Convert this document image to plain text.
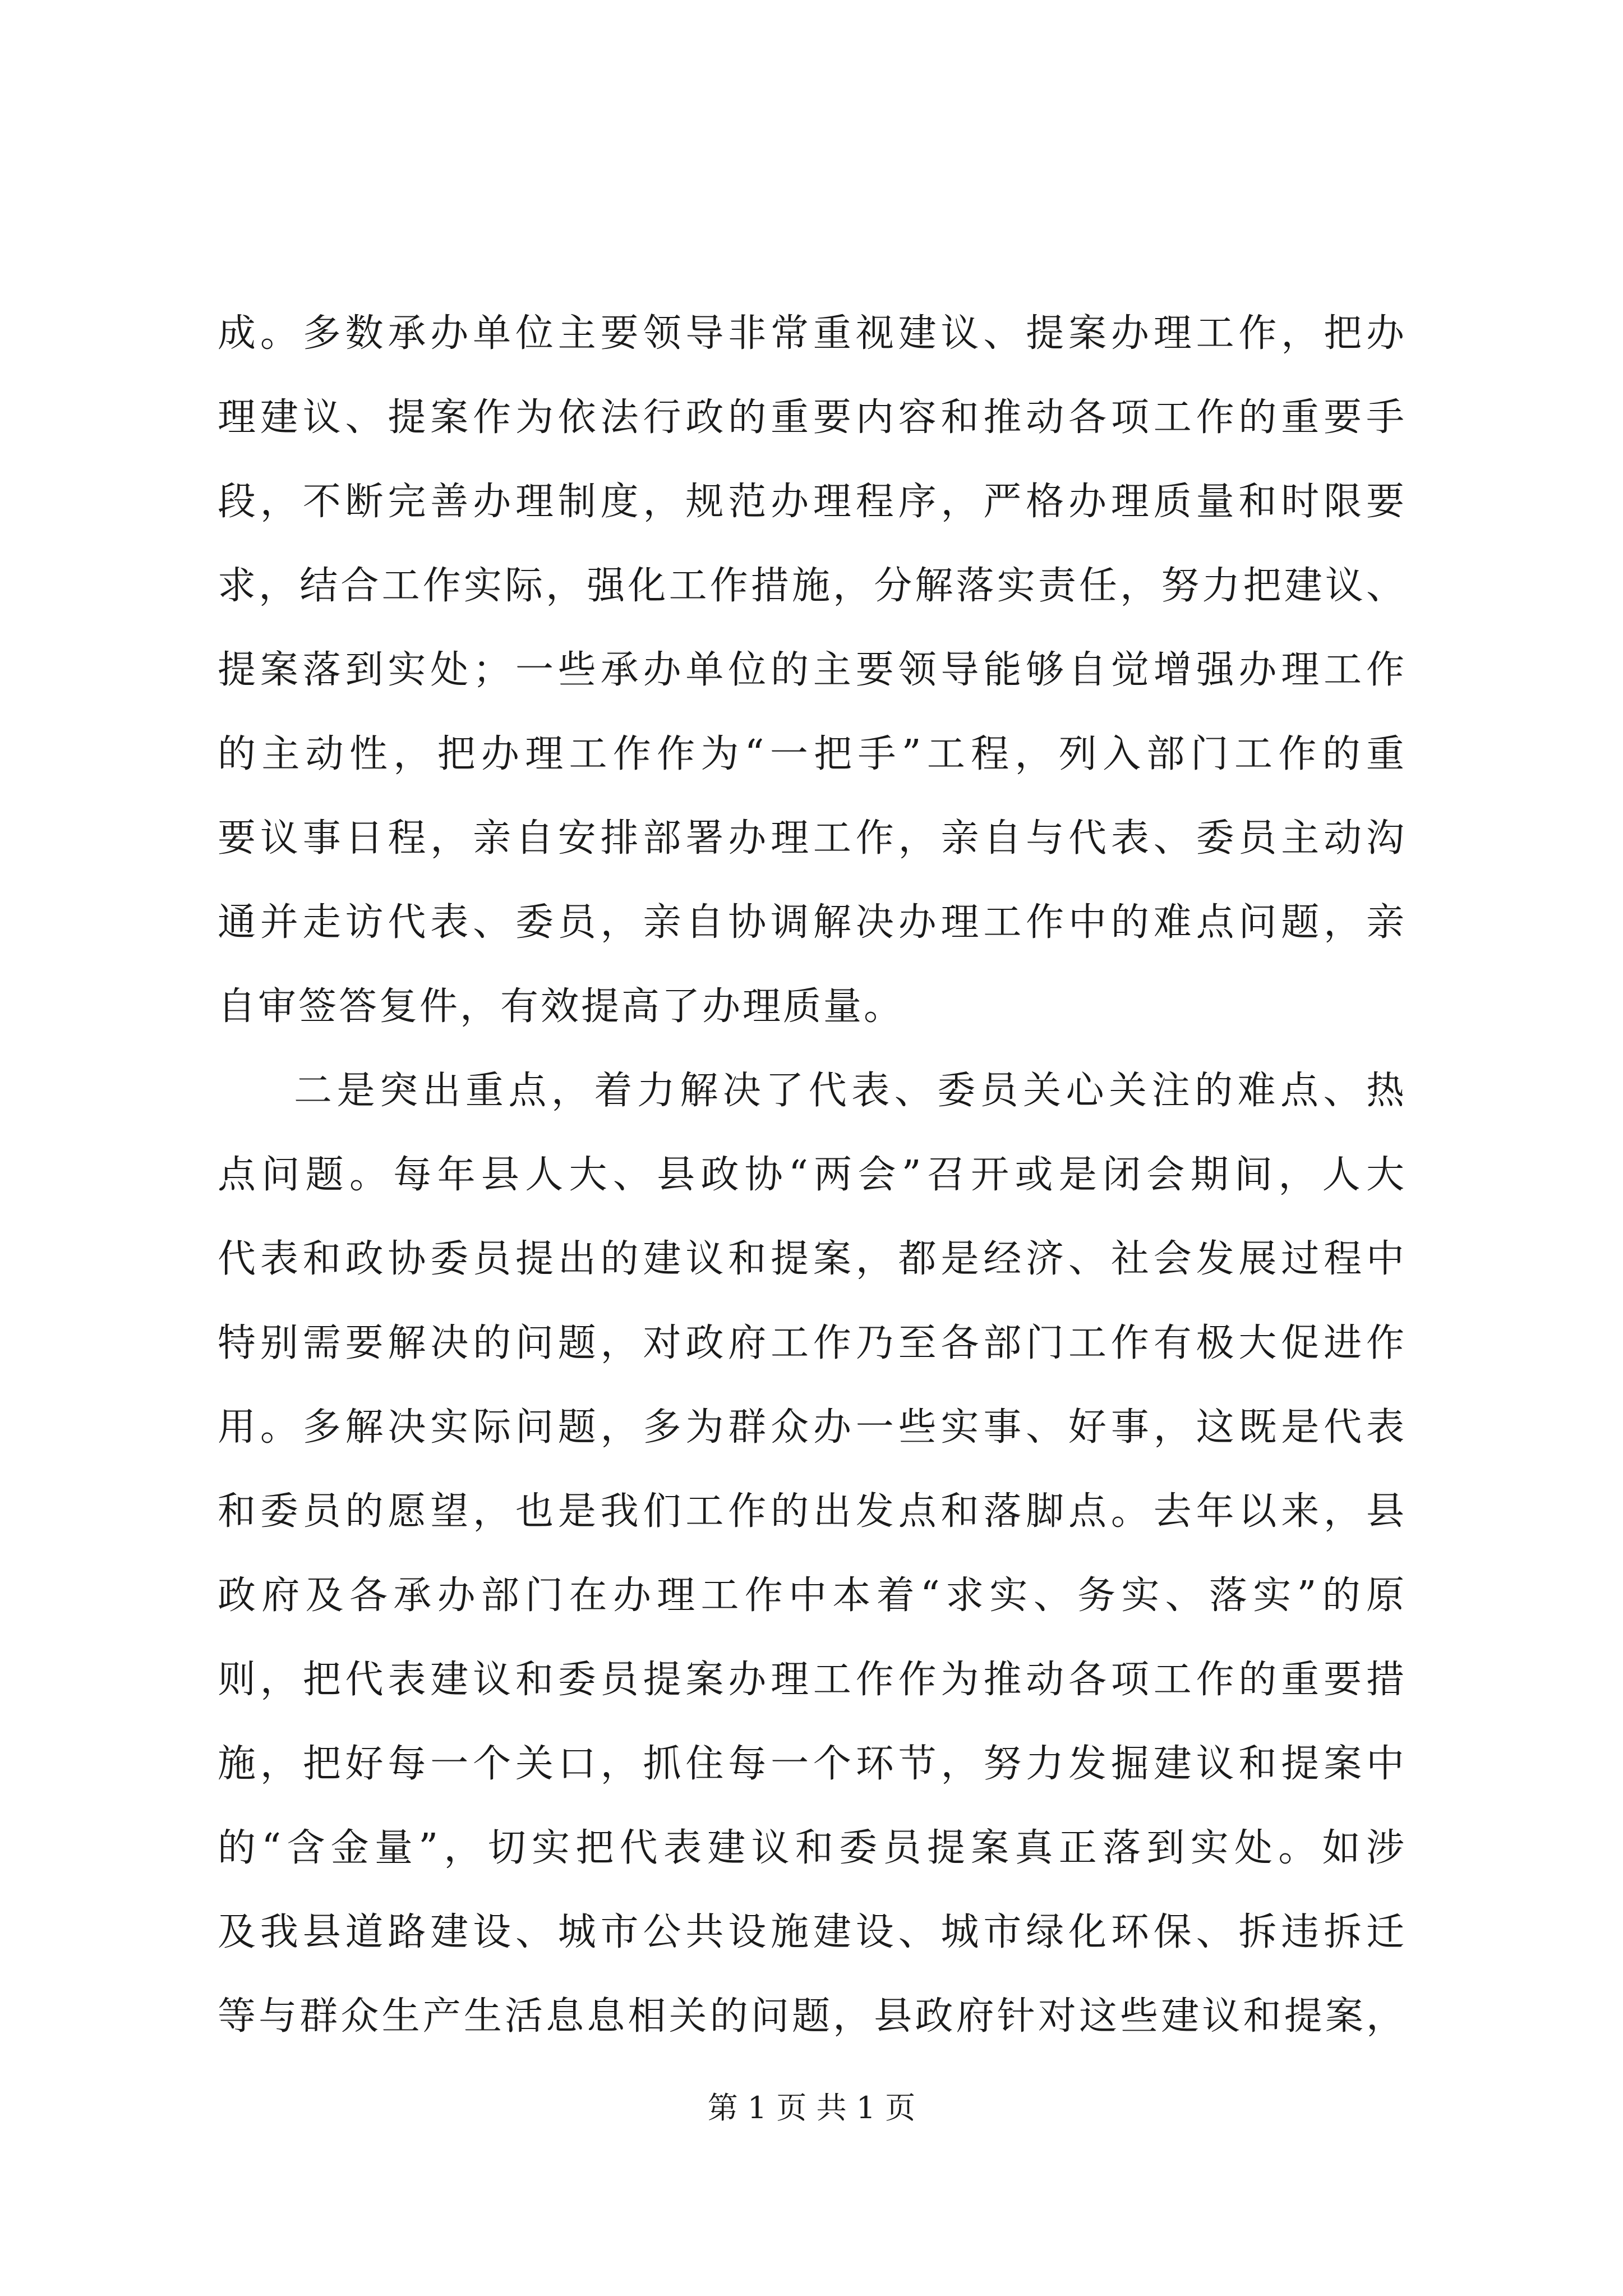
成。多数承办单位主要领导非常重视建议、提案办理工作，把办
理建议、提案作为依法行政的重要内容和推动各项工作的重要手
段，不断完善办理制度，规范办理程序，严格办理质量和时限要
求，结合工作实际，强化工作措施，分解落实责任，努力把建议、
提案落到实处；一些承办单位的主要领导能够自觉增强办理工作
的主动性，把办理工作作为“一把手”工程，列入部门工作的重
要议事日程，亲自安排部署办理工作，亲自与代表、委员主动沟
通并走访代表、委员，亲自协调解决办理工作中的难点问题，亲
自审签答复件，有效提高了办理质量。
二是突出重点，着力解决了代表、委员关心关注的难点、热
点问题。每年县人大、县政协“两会”召开或是闭会期间，人大
代表和政协委员提出的建议和提案，都是经济、社会发展过程中
特别需要解决的问题，对政府工作乃至各部门工作有极大促进作
用。多解决实际问题，多为群众办一些实事、好事，这既是代表
和委员的愿望，也是我们工作的出发点和落脚点。去年以来，县
政府及各承办部门在办理工作中本着“求实、务实、落实”的原
则，把代表建议和委员提案办理工作作为推动各项工作的重要措
施，把好每一个关口，抓住每一个环节，努力发掘建议和提案中
的“含金量”，切实把代表建议和委员提案真正落到实处。如涉
及我县道路建设、城市公共设施建设、城市绿化环保、拆违拆迁
等与群众生产生活息息相关的问题，县政府针对这些建议和提案，
第 1 页 共 1 页
